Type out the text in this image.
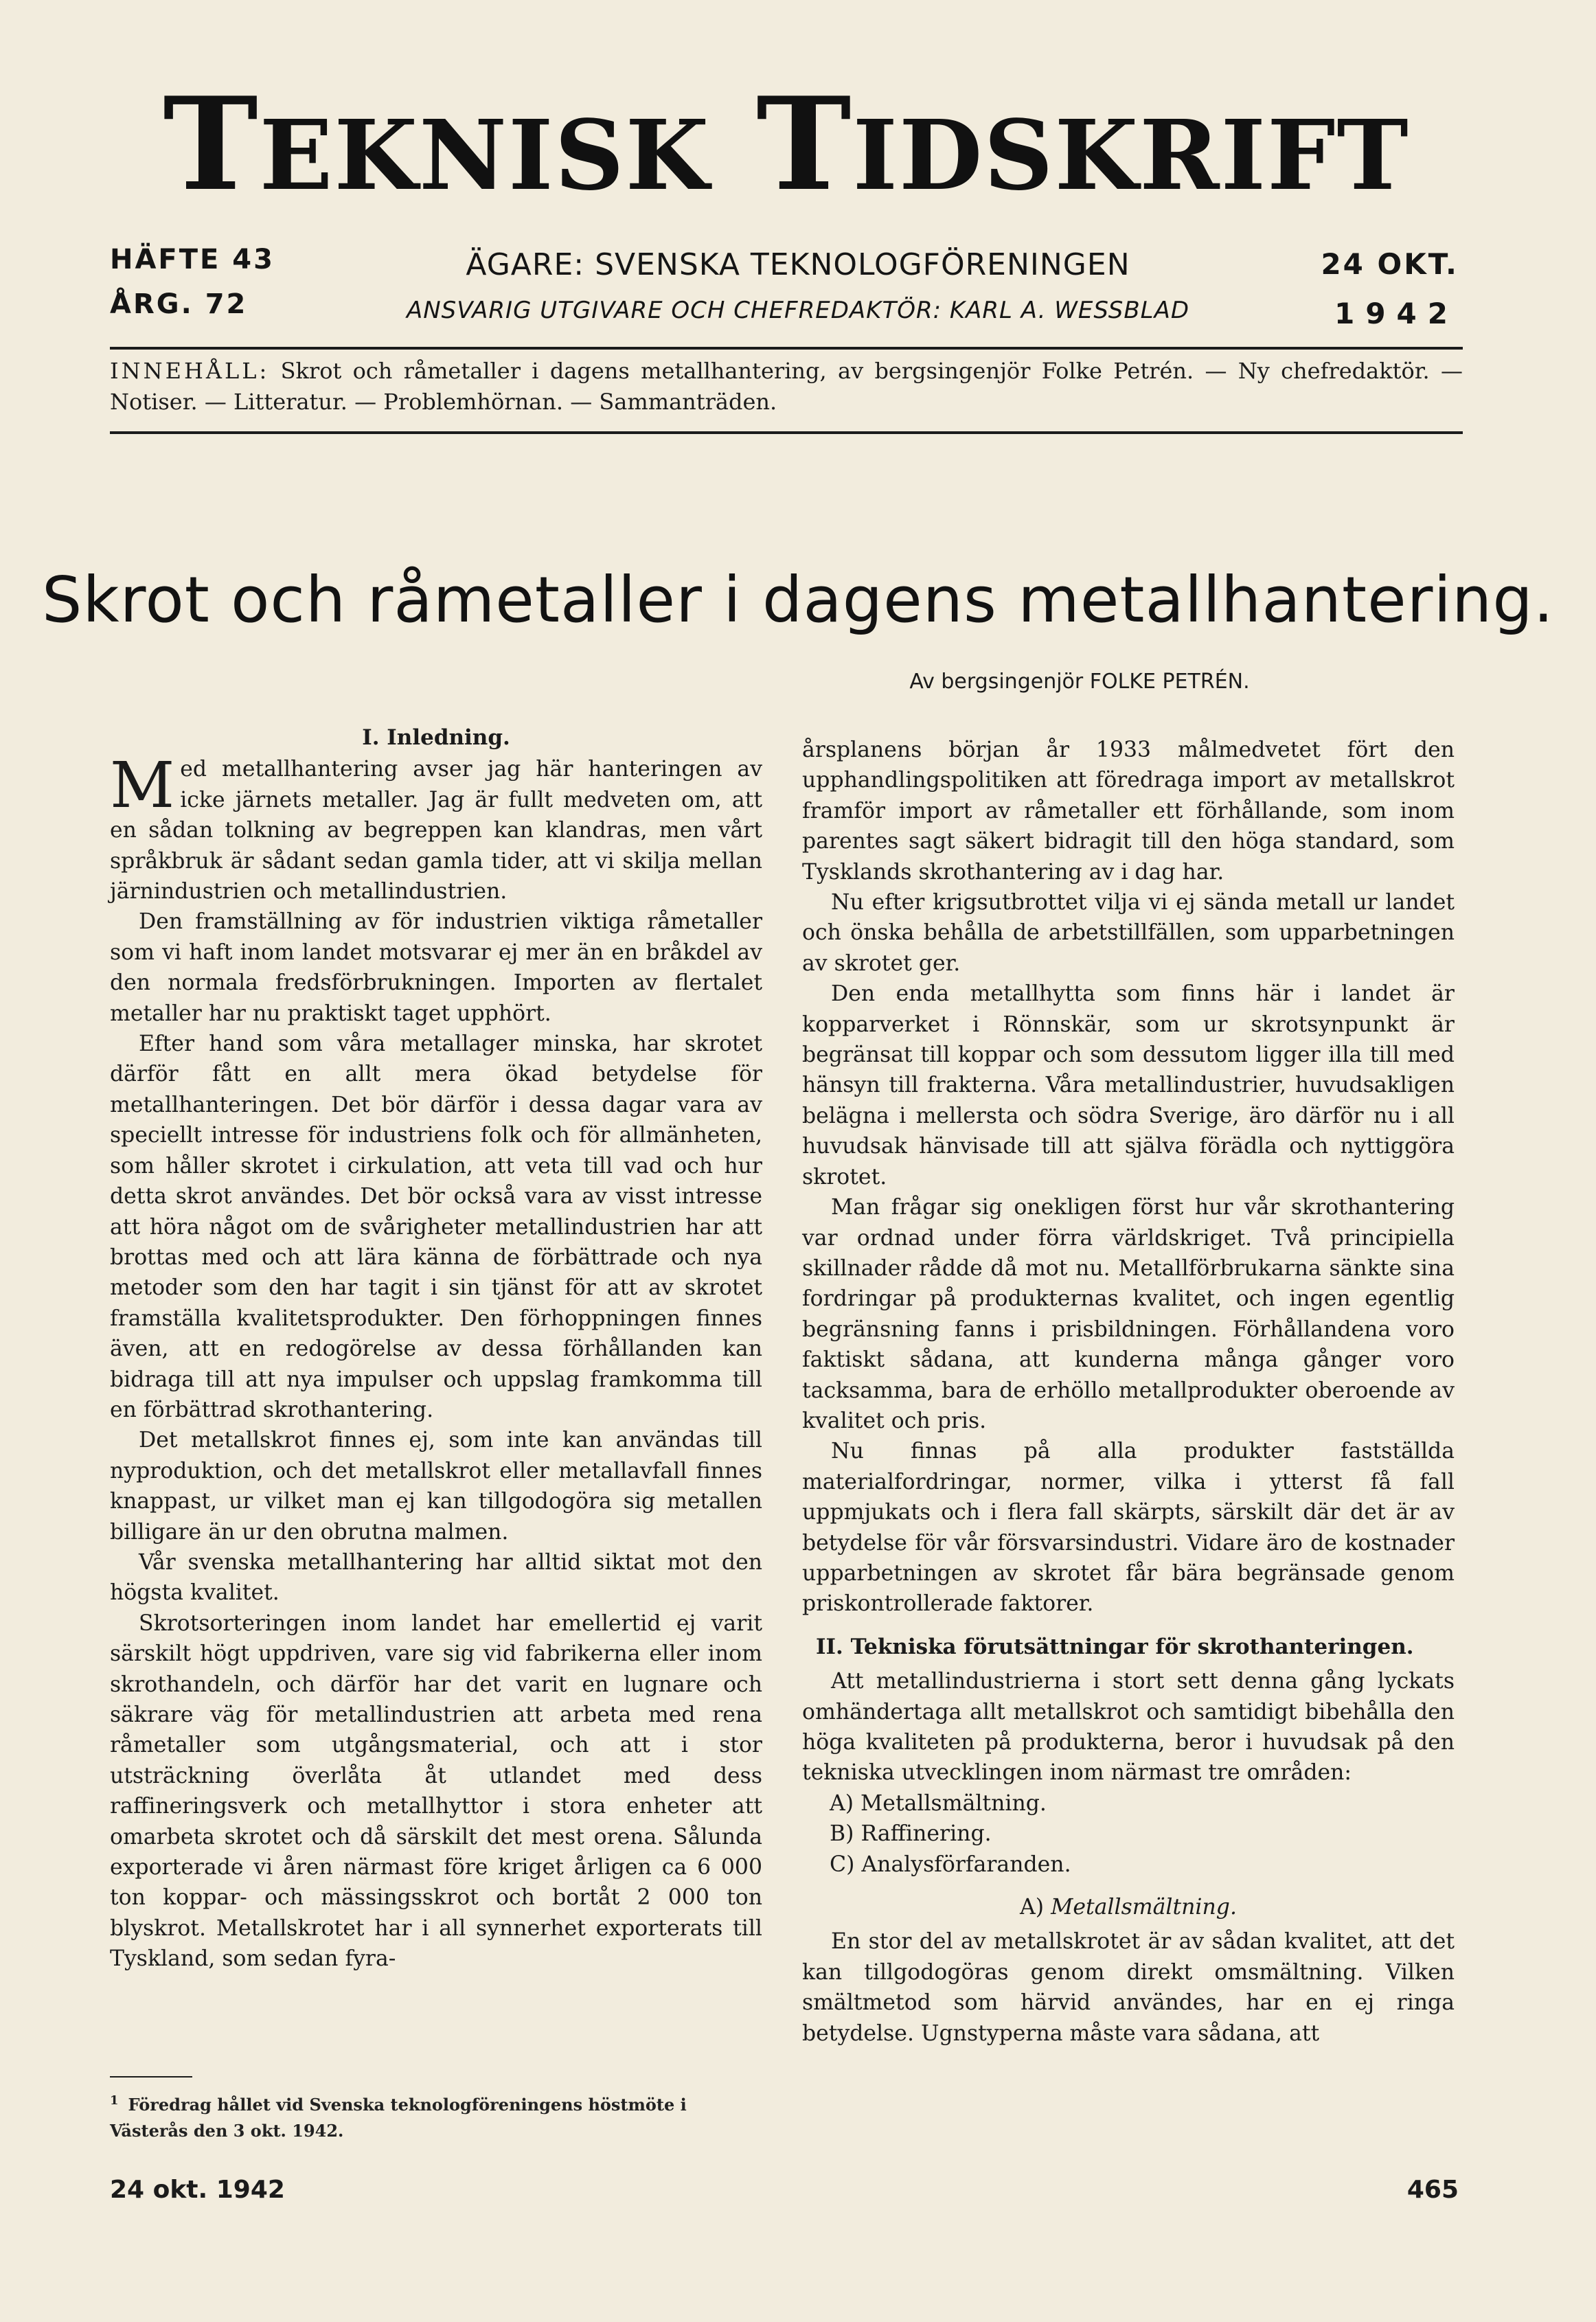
TEKNISK TIDSKRIFT
HÄFTE 43
ÅRG. 72
ÄGARE: SVENSKA TEKNOLOGFÖRENINGEN
ANSVARIG UTGIVARE OCH CHEFREDAKTÖR: KARL A. WESSBLAD
24 OKT.
1942
INNEHÅLL: Skrot och råmetaller i dagens metallhantering, av bergsingenjör Folke Petrén. — Ny chefredaktör. — Notiser. — Litteratur. — Problemhörnan. — Sammanträden.
Skrot och råmetaller i dagens metallhantering.
Av bergsingenjör FOLKE PETRÉN.
I. Inledning.

Med metallhantering avser jag här hanteringen av icke järnets metaller. Jag är fullt medveten om, att en sådan tolkning av begreppen kan klandras, men vårt språkbruk är sådant sedan gamla tider, att vi skilja mellan järnindustrien och metallindustrien.

Den framställning av för industrien viktiga råmetaller som vi haft inom landet motsvarar ej mer än en bråkdel av den normala fredsförbrukningen. Importen av flertalet metaller har nu praktiskt taget upphört.

Efter hand som våra metallager minska, har skrotet därför fått en allt mera ökad betydelse för metallhanteringen. Det bör därför i dessa dagar vara av speciellt intresse för industriens folk och för allmänheten, som håller skrotet i cirkulation, att veta till vad och hur detta skrot användes. Det bör också vara av visst intresse att höra något om de svårigheter metallindustrien har att brottas med och att lära känna de förbättrade och nya metoder som den har tagit i sin tjänst för att av skrotet framställa kvalitetsprodukter. Den förhoppningen finnes även, att en redogörelse av dessa förhållanden kan bidraga till att nya impulser och uppslag framkomma till en förbättrad skrothantering.

Det metallskrot finnes ej, som inte kan användas till nyproduktion, och det metallskrot eller metallavfall finnes knappast, ur vilket man ej kan tillgodogöra sig metallen billigare än ur den obrutna malmen.

Vår svenska metallhantering har alltid siktat mot den högsta kvalitet.

Skrotsorteringen inom landet har emellertid ej varit särskilt högt uppdriven, vare sig vid fabrikerna eller inom skrothandeln, och därför har det varit en lugnare och säkrare väg för metallindustrien att arbeta med rena råmetaller som utgångsmaterial, och att i stor utsträckning överlåta åt utlandet med dess raffineringsverk och metallhyttor i stora enheter att omarbeta skrotet och då särskilt det mest orena. Sålunda exporterade vi åren närmast före kriget årligen ca 6 000 ton koppar- och mässingsskrot och bortåt 2 000 ton blyskrot. Metallskrotet har i all synnerhet exporterats till Tyskland, som sedan fyra-

$^1$ Föredrag hållet vid Svenska teknologföreningens höstmöte i Västerås den 3 okt. 1942.

årsplanens början år 1933 målmedvetet fört den upphandlingspolitiken att föredraga import av metallskrot framför import av råmetaller ett förhållande, som inom parentes sagt säkert bidragit till den höga standard, som Tysklands skrothantering av i dag har.

Nu efter krigsutbrottet vilja vi ej sända metall ur landet och önska behålla de arbetstillfällen, som upparbetningen av skrotet ger.

Den enda metallhytta som finns här i landet är kopparverket i Rönnskär, som ur skrotsynpunkt är begränsat till koppar och som dessutom ligger illa till med hänsyn till frakterna. Våra metallindustrier, huvudsakligen belägna i mellersta och södra Sverige, äro därför nu i all huvudsak hänvisade till att själva förädla och nyttiggöra skrotet.

Man frågar sig onekligen först hur vår skrothantering var ordnad under förra världskriget. Två principiella skillnader rådde då mot nu. Metallförbrukarna sänkte sina fordringar på produkternas kvalitet, och ingen egentlig begränsning fanns i prisbildningen. Förhållandena voro faktiskt sådana, att kunderna många gånger voro tacksamma, bara de erhöllo metallprodukter oberoende av kvalitet och pris.

Nu finnas på alla produkter fastställda materialfordringar, normer, vilka i ytterst få fall uppmjukats och i flera fall skärpts, särskilt där det är av betydelse för vår försvarsindustri. Vidare äro de kostnader upparbetningen av skrotet får bära begränsade genom priskontrollerade faktorer.

II. Tekniska förutsättningar för skrothanteringen.

Att metallindustrierna i stort sett denna gång lyckats omhändertaga allt metallskrot och samtidigt bibehålla den höga kvaliteten på produkterna, beror i huvudsak på den tekniska utvecklingen inom närmast tre områden:

A) Metallsmältning.

B) Raffinering.

C) Analysförfaranden.

A) Metallsmältning.

En stor del av metallskrotet är av sådan kvalitet, att det kan tillgodogöras genom direkt omsmältning. Vilken smältmetod som härvid användes, har en ej ringa betydelse. Ugnstyperna måste vara sådana, att

24 okt. 1942	465
